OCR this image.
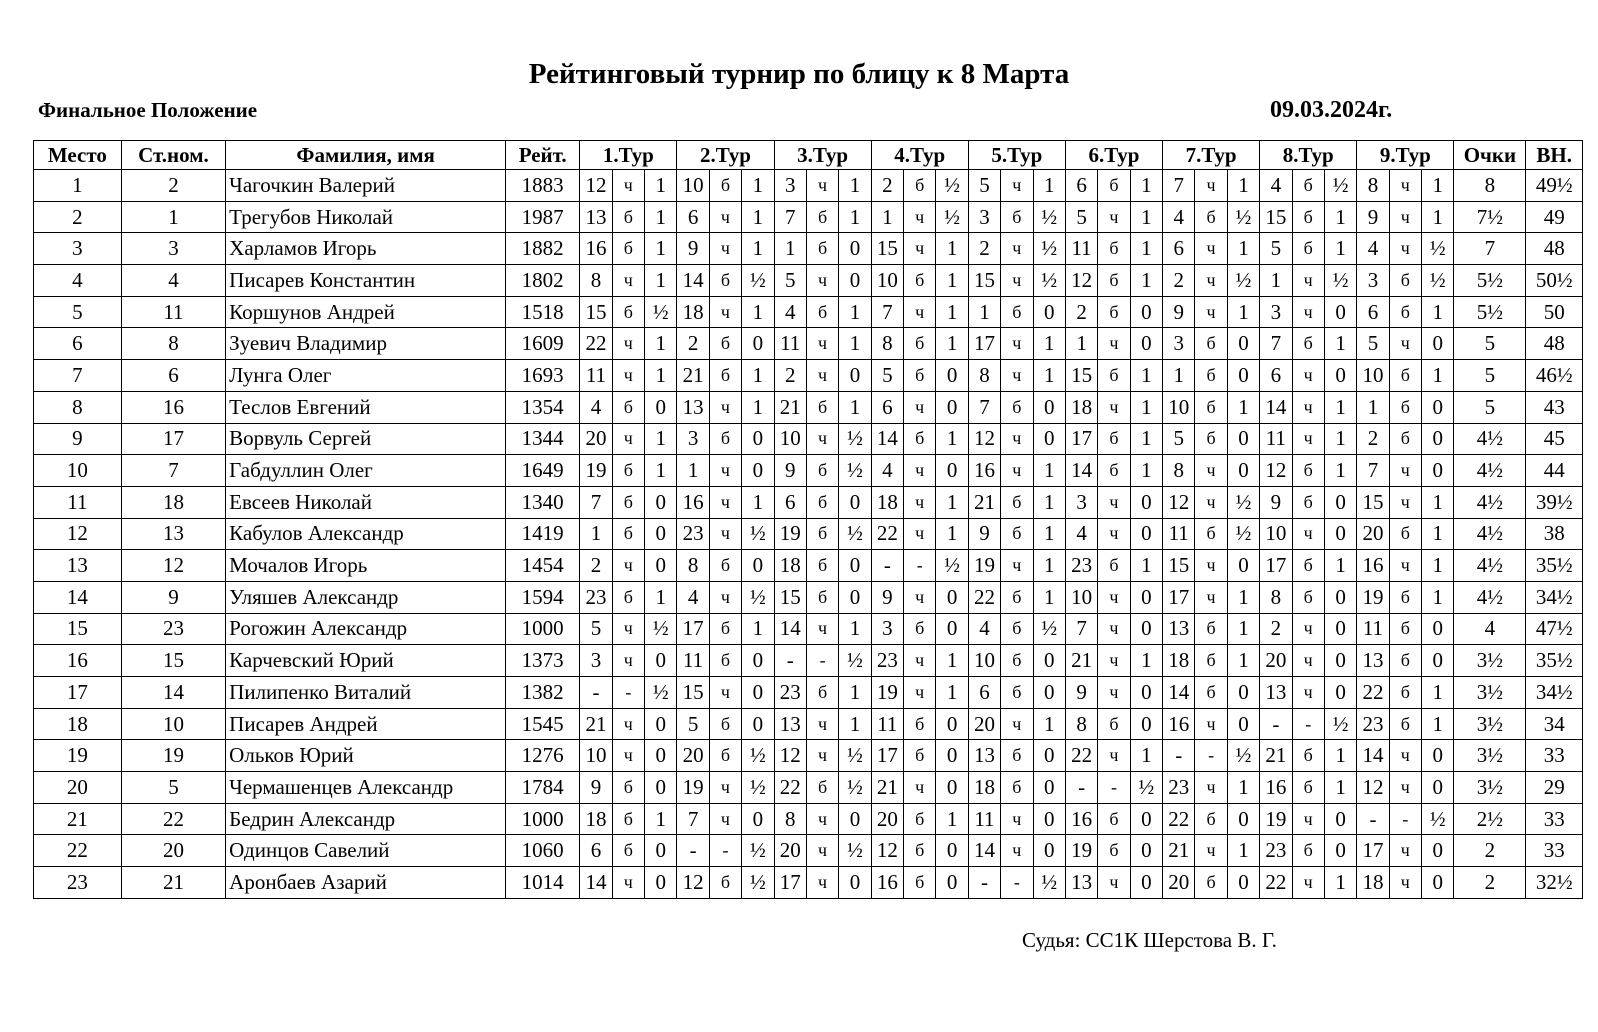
Рейтинговый турнир по блицу к 8 Марта
Финальное Положение	09.03.2024г.
Место	Ст.ном.	Фамилия, имя	Рейт.	1.Тур			2.Тур			3.Тур			4.Тур			5.Тур			6.Тур			7.Тур			8.Тур			9.Тур			Очки	ВН.
1	2	Чагочкин Валерий	1883	12	ч	1	10	б	1	3	ч	1	2	б	½	5	ч	1	6	б	1	7	ч	1	4	б	½	8	ч	1	8	49½
2	1	Трегубов Николай	1987	13	б	1	6	ч	1	7	б	1	1	ч	½	3	б	½	5	ч	1	4	б	½	15	б	1	9	ч	1	7½	49
3	3	Харламов Игорь	1882	16	б	1	9	ч	1	1	б	0	15	ч	1	2	ч	½	11	б	1	6	ч	1	5	б	1	4	ч	½	7	48
4	4	Писарев Константин	1802	8	ч	1	14	б	½	5	ч	0	10	б	1	15	ч	½	12	б	1	2	ч	½	1	ч	½	3	б	½	5½	50½
5	11	Коршунов Андрей	1518	15	б	½	18	ч	1	4	б	1	7	ч	1	1	б	0	2	б	0	9	ч	1	3	ч	0	6	б	1	5½	50
6	8	Зуевич Владимир	1609	22	ч	1	2	б	0	11	ч	1	8	б	1	17	ч	1	1	ч	0	3	б	0	7	б	1	5	ч	0	5	48
7	6	Лунга Олег	1693	11	ч	1	21	б	1	2	ч	0	5	б	0	8	ч	1	15	б	1	1	б	0	6	ч	0	10	б	1	5	46½
8	16	Теслов Евгений	1354	4	б	0	13	ч	1	21	б	1	6	ч	0	7	б	0	18	ч	1	10	б	1	14	ч	1	1	б	0	5	43
9	17	Ворвуль Сергей	1344	20	ч	1	3	б	0	10	ч	½	14	б	1	12	ч	0	17	б	1	5	б	0	11	ч	1	2	б	0	4½	45
10	7	Габдуллин Олег	1649	19	б	1	1	ч	0	9	б	½	4	ч	0	16	ч	1	14	б	1	8	ч	0	12	б	1	7	ч	0	4½	44
11	18	Евсеев Николай	1340	7	б	0	16	ч	1	6	б	0	18	ч	1	21	б	1	3	ч	0	12	ч	½	9	б	0	15	ч	1	4½	39½
12	13	Кабулов Александр	1419	1	б	0	23	ч	½	19	б	½	22	ч	1	9	б	1	4	ч	0	11	б	½	10	ч	0	20	б	1	4½	38
13	12	Мочалов Игорь	1454	2	ч	0	8	б	0	18	б	0	-	-	½	19	ч	1	23	б	1	15	ч	0	17	б	1	16	ч	1	4½	35½
14	9	Уляшев Александр	1594	23	б	1	4	ч	½	15	б	0	9	ч	0	22	б	1	10	ч	0	17	ч	1	8	б	0	19	б	1	4½	34½
15	23	Рогожин Александр	1000	5	ч	½	17	б	1	14	ч	1	3	б	0	4	б	½	7	ч	0	13	б	1	2	ч	0	11	б	0	4	47½
16	15	Карчевский Юрий	1373	3	ч	0	11	б	0	-	-	½	23	ч	1	10	б	0	21	ч	1	18	б	1	20	ч	0	13	б	0	3½	35½
17	14	Пилипенко Виталий	1382	-	-	½	15	ч	0	23	б	1	19	ч	1	6	б	0	9	ч	0	14	б	0	13	ч	0	22	б	1	3½	34½
18	10	Писарев Андрей	1545	21	ч	0	5	б	0	13	ч	1	11	б	0	20	ч	1	8	б	0	16	ч	0	-	-	½	23	б	1	3½	34
19	19	Ольков Юрий	1276	10	ч	0	20	б	½	12	ч	½	17	б	0	13	б	0	22	ч	1	-	-	½	21	б	1	14	ч	0	3½	33
20	5	Чермашенцев Александр	1784	9	б	0	19	ч	½	22	б	½	21	ч	0	18	б	0	-	-	½	23	ч	1	16	б	1	12	ч	0	3½	29
21	22	Бедрин Александр	1000	18	б	1	7	ч	0	8	ч	0	20	б	1	11	ч	0	16	б	0	22	б	0	19	ч	0	-	-	½	2½	33
22	20	Одинцов Савелий	1060	6	б	0	-	-	½	20	ч	½	12	б	0	14	ч	0	19	б	0	21	ч	1	23	б	0	17	ч	0	2	33
23	21	Аронбаев Азарий	1014	14	ч	0	12	б	½	17	ч	0	16	б	0	-	-	½	13	ч	0	20	б	0	22	ч	1	18	ч	0	2	32½
Судья: СС1К Шерстова В. Г.
